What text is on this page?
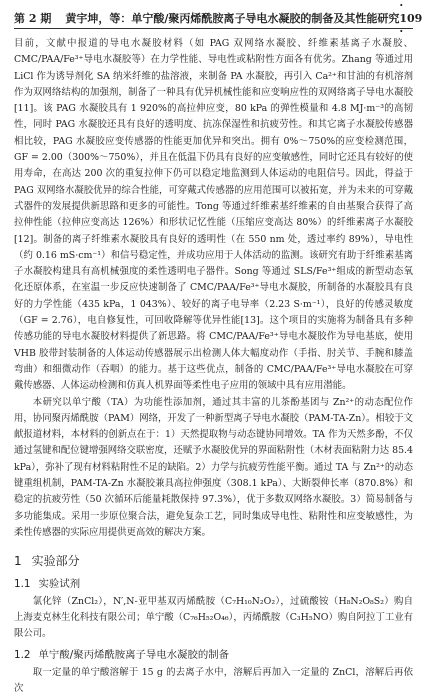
第 2 期 黄宇坤，等：单宁酸/聚丙烯酰胺离子导电水凝胶的制备及其性能研究
· 109 ·

目前，文献中报道的导电水凝胶材料（如 PAG 双网络水凝胶、纤维素基离子水凝胶、CMC/PAA/Fe³⁺导电水凝胶等）在力学性能、导电性或粘附性方面各有优劣。Zhang 等通过用 LiCl 作为诱导剂化 SA 纳米纤维的盐溶液，来制备 PA 水凝胶，再引入 Ca²⁺和甘油的有机溶剂作为双网络结构的加强剂，制备了一种具有优异机械性能和应变响应性的双网络离子导电水凝胶[11]。该 PAG 水凝胶具有 1 920%的高拉伸应变，80 kPa 的弹性模量和 4.8 MJ·m⁻³的高韧性，同时 PAG 水凝胶还具有良好的透明度、抗冻保湿性和抗疲劳性。和其它离子水凝胶传感器相比较，PAG 水凝胶应变传感器的性能更加优异和突出。拥有 0%～750%的应变检测范围，GF = 2.00（300%～750%），并且在低温下仍具有良好的应变敏感性，同时它还具有较好的使用寿命，在高达 200 次的重复拉伸下仍可以稳定地监测到人体运动的电阻信号。因此，得益于 PAG 双网络水凝胶优异的综合性能，可穿戴式传感器的应用范围可以被拓宽，并为未来的可穿戴式器件的发展提供新思路和更多的可能性。Tong 等通过纤维素基纤维素的自由基聚合获得了高拉伸性能（拉伸应变高达 126%）和形状记忆性能（压缩应变高达 80%）的纤维素离子水凝胶[12]。制备的离子纤维素水凝胶具有良好的透明性（在 550 nm 处，透过率约 89%），导电性（约 0.16 mS·cm⁻¹）和信号稳定性，并成功应用于人体活动的监测。该研究有助于纤维素基离子水凝胶构建具有高机械强度的柔性透明电子器件。Song 等通过 SLS/Fe³⁺组成的新型动态氧化还原体系，在室温一步反应快速制备了 CMC/PAA/Fe³⁺导电水凝胶，所制备的水凝胶具有良好的力学性能（435 kPa，1 043%）、较好的离子电导率（2.23 S·m⁻¹），良好的传感灵敏度（GF = 2.76），电自修复性，可回收降解等优异性能[13]。这个项目的实施将为制备具有多种传感功能的导电水凝胶材料提供了新思路。将 CMC/PAA/Fe³⁺导电水凝胶作为导电基底，使用 VHB 胶带封装制备的人体运动传感器展示出检测人体大幅度动作（手指、肘关节、手腕和膝盖弯曲）和细微动作（吞咽）的能力。基于这些优点，制备的 CMC/PAA/Fe³⁺导电水凝胶在可穿戴传感器、人体运动检测和仿真人机界面等柔性电子应用的领域中具有应用潜能。

本研究以单宁酸（TA）为功能性添加剂，通过其丰富的儿茶酚基团与 Zn²⁺的动态配位作用，协同聚丙烯酰胺（PAM）网络，开发了一种新型离子导电水凝胶（PAM-TA-Zn）。相较于文献报道材料，本材料的创新点在于：1）天然提取物与动态键协同增效。TA 作为天然多酚，不仅通过氢键和配位键增强网络交联密度，还赋予水凝胶优异的界面粘附性（木材表面粘附力达 85.4 kPa），弥补了现有材料粘附性不足的缺陷。2）力学与抗疲劳性能平衡。通过 TA 与 Zn²⁺的动态键重组机制，PAM-TA-Zn 水凝胶兼具高拉伸强度（308.1 kPa）、大断裂伸长率（870.8%）和稳定的抗疲劳性（50 次循环后能量耗散保持 97.3%），优于多数双网络水凝胶。3）简易制备与多功能集成。采用一步原位聚合法，避免复杂工艺，同时集成导电性、粘附性和应变敏感性，为柔性传感器的实际应用提供更高效的解决方案。

1 实验部分
1.1 实验试剂

氯化锌（ZnCl₂），N′,N-亚甲基双丙烯酰胺（C₇H₁₀N₂O₂），过硫酸铵（H₈N₂O₈S₂）购自上海麦克林生化科技有限公司；单宁酸（C₇₆H₅₂O₄₆），丙烯酰胺（C₃H₅NO）购自阿拉丁工业有限公司。

1.2 单宁酸/聚丙烯酰胺离子导电水凝胶的制备

取一定量的单宁酸溶解于 15 g 的去离子水中，溶解后再加入一定量的 ZnCl，溶解后再依次
